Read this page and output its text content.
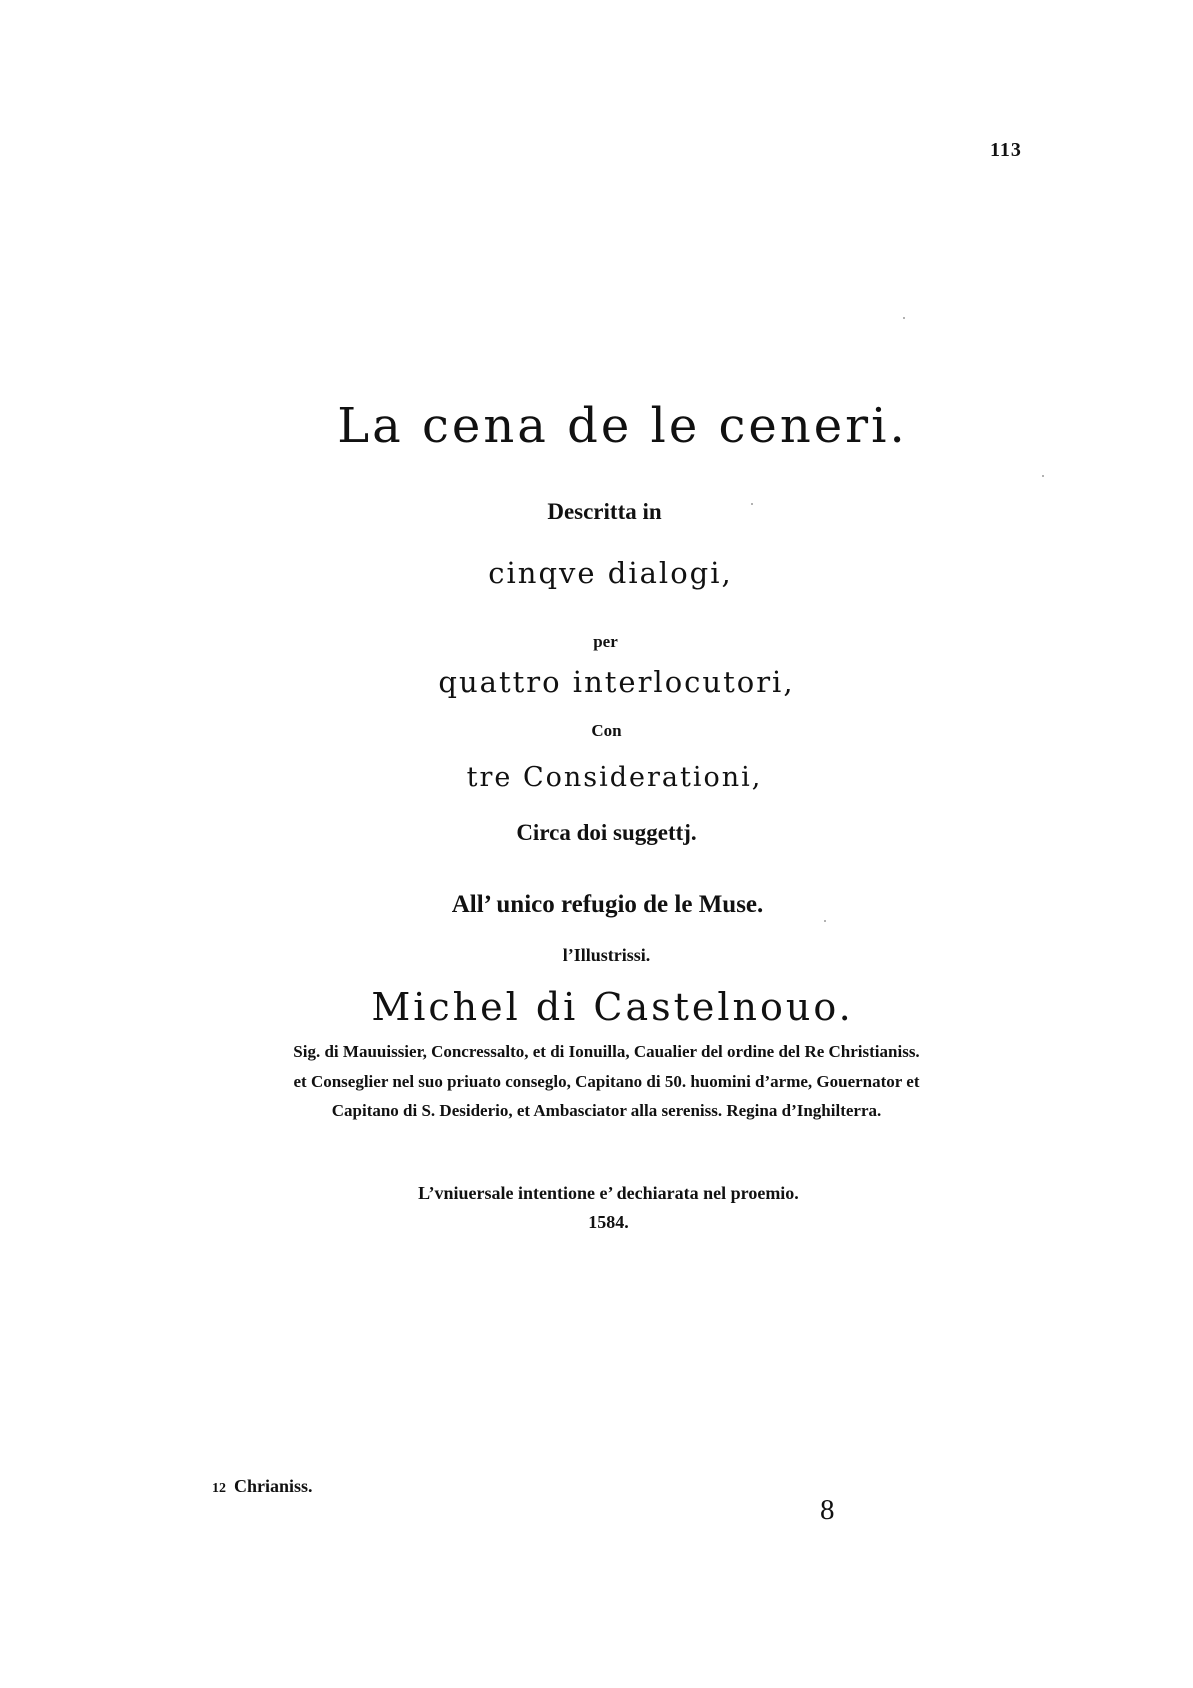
113
La cena de le ceneri.
Descritta in
cinqve dialogi,
per
quattro interlocutori,
Con
tre Considerationi,
Circa doi suggettj.
All’ unico refugio de le Muse.
l’Illustrissi.
Michel di Castelnouo.
Sig. di Mauuissier, Concressalto, et di Ionuilla, Caualier del ordine del Re Christianiss.
et Conseglier nel suo priuato conseglo, Capitano di 50. huomini d’arme, Gouernator et
Capitano di S. Desiderio, et Ambasciator alla sereniss. Regina d’Inghilterra.
L’vniuersale intentione e’ dechiarata nel proemio.
1584.
12 Chrianiss.
8
